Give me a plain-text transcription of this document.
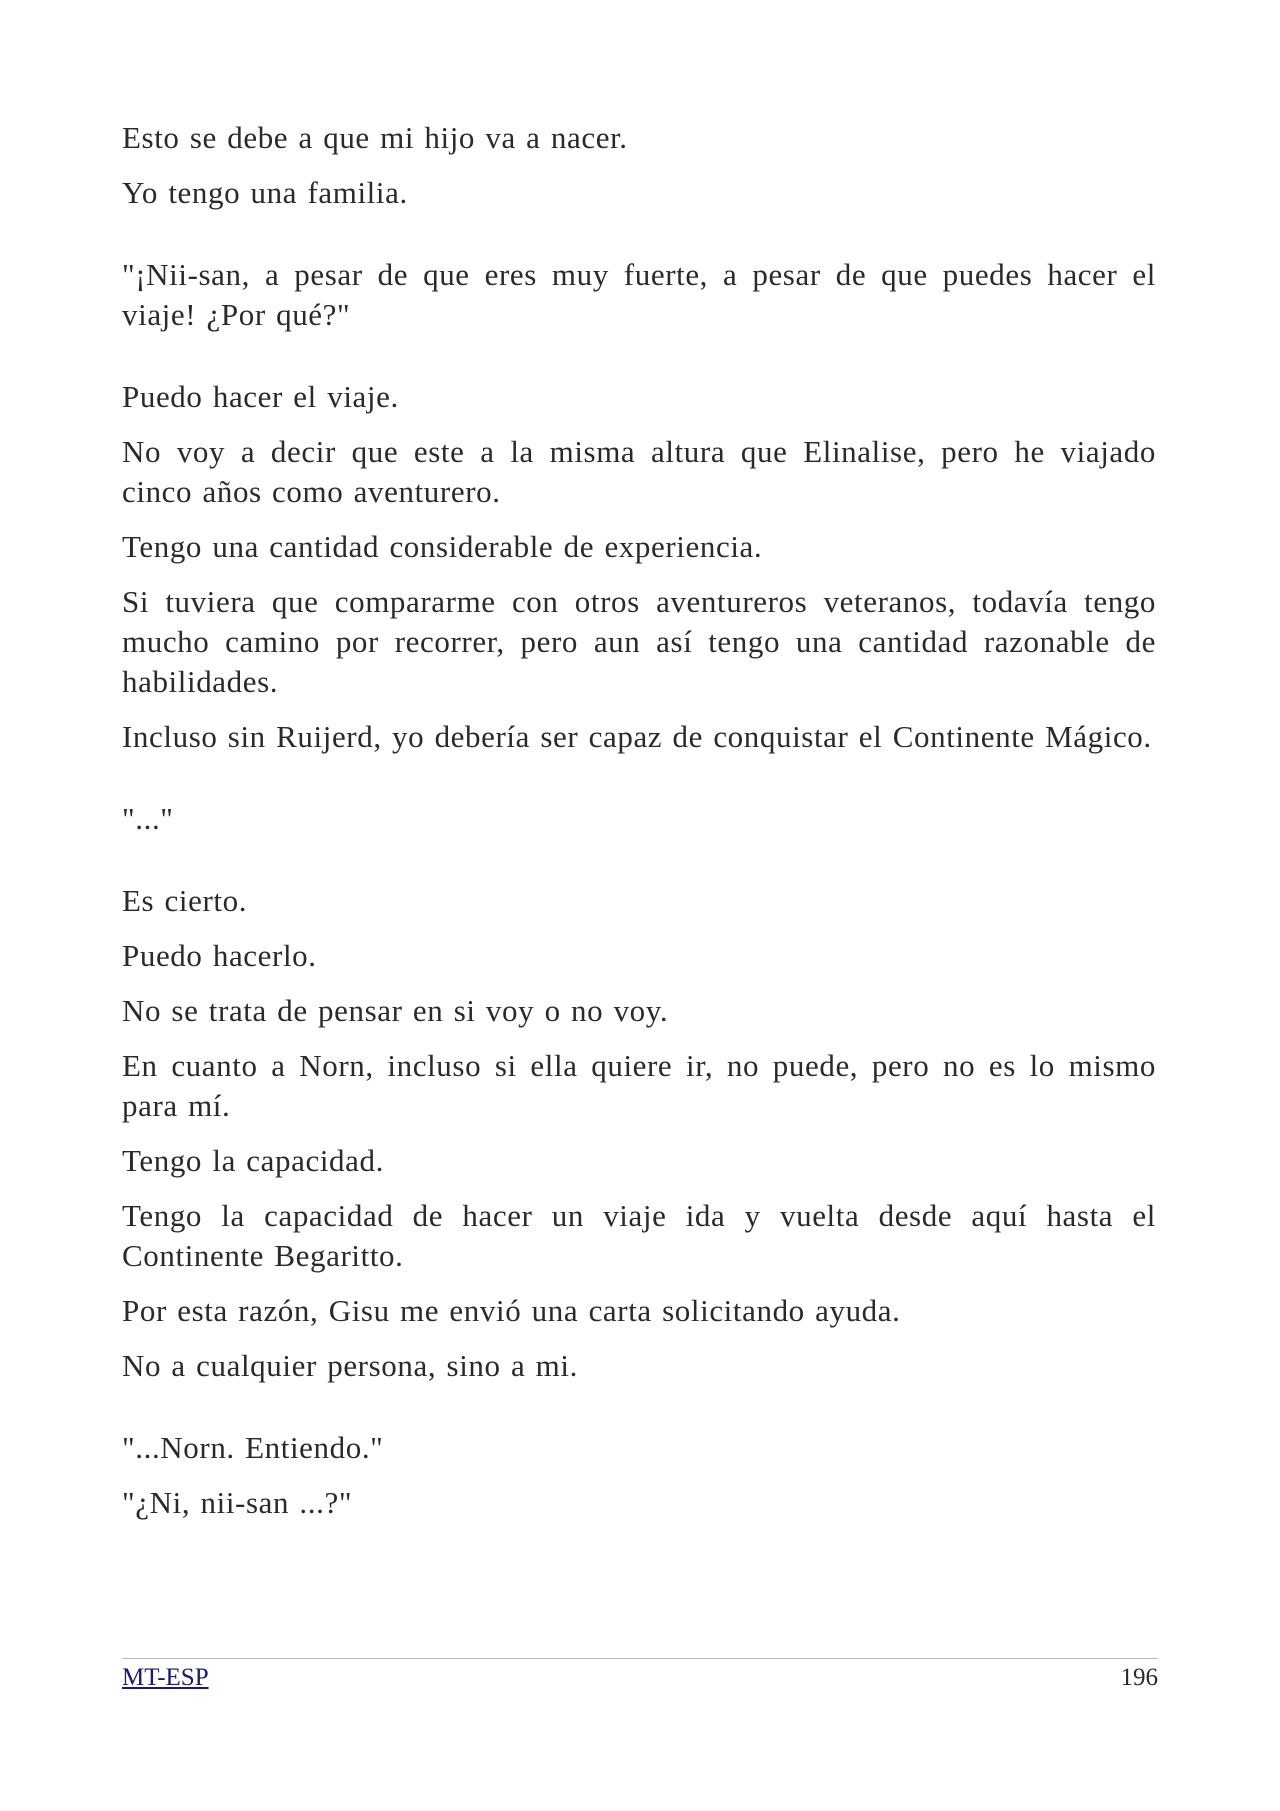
Esto se debe a que mi hijo va a nacer.

Yo tengo una familia.

"¡Nii-san, a pesar de que eres muy fuerte, a pesar de que puedes hacer el viaje! ¿Por qué?"

Puedo hacer el viaje.

No voy a decir que este a la misma altura que Elinalise, pero he viajado cinco años como aventurero.

Tengo una cantidad considerable de experiencia.

Si tuviera que compararme con otros aventureros veteranos, todavía tengo mucho camino por recorrer, pero aun así tengo una cantidad razonable de habilidades.

Incluso sin Ruijerd, yo debería ser capaz de conquistar el Continente Mágico.

"..."

Es cierto.

Puedo hacerlo.

No se trata de pensar en si voy o no voy.

En cuanto a Norn, incluso si ella quiere ir, no puede, pero no es lo mismo para mí.

Tengo la capacidad.

Tengo la capacidad de hacer un viaje ida y vuelta desde aquí hasta el Continente Begaritto.

Por esta razón, Gisu me envió una carta solicitando ayuda.

No a cualquier persona, sino a mi.

"...Norn. Entiendo."

"¿Ni, nii-san ...?"

MT-ESP	196
